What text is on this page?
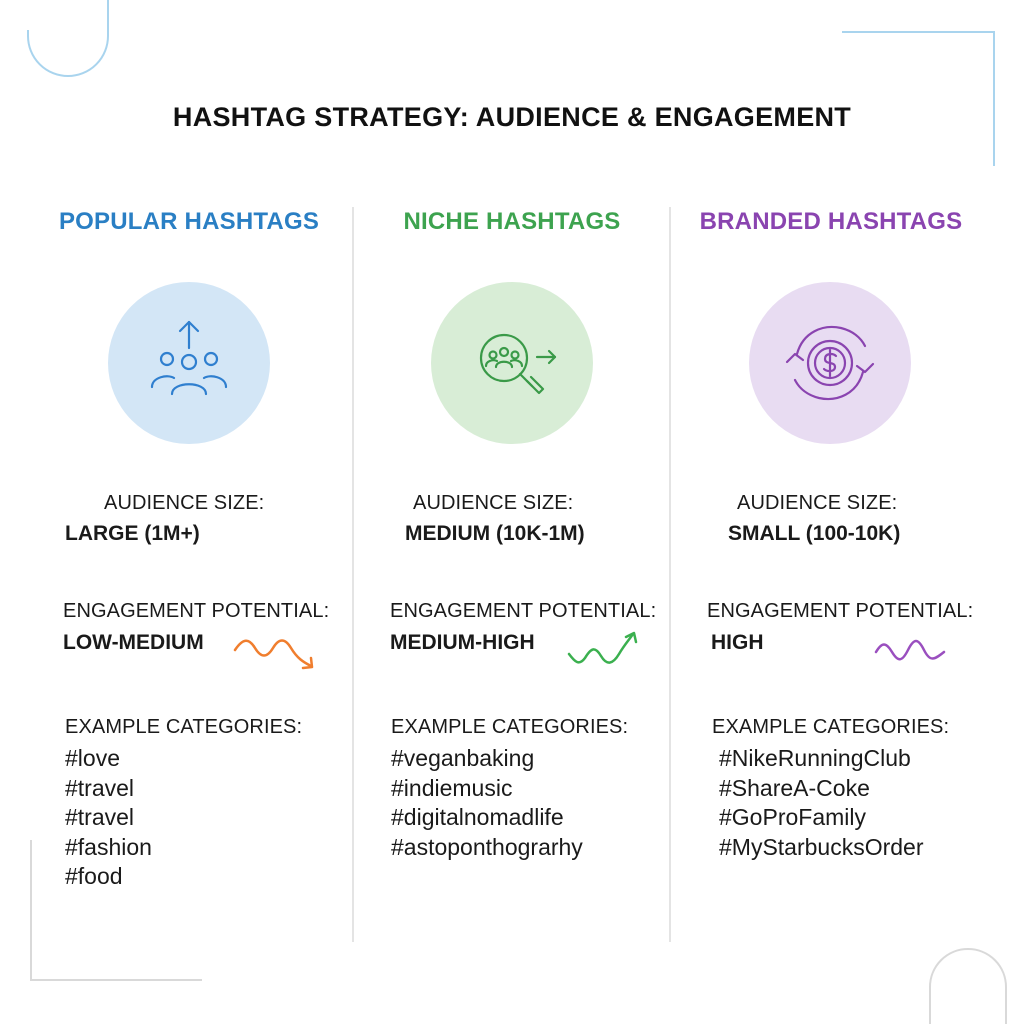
HASHTAG STRATEGY: AUDIENCE & ENGAGEMENT
POPULAR HASHTAGS
AUDIENCE SIZE:
LARGE (1M+)
ENGAGEMENT POTENTIAL:
LOW-MEDIUM
EXAMPLE CATEGORIES:
#love
#travel
#travel
#fashion
#food
NICHE HASHTAGS
AUDIENCE SIZE:
MEDIUM (10K-1M)
ENGAGEMENT POTENTIAL:
MEDIUM-HIGH
EXAMPLE CATEGORIES:
#veganbaking
#indiemusic
#digitalnomadlife
#astoponthograrhy
BRANDED HASHTAGS
AUDIENCE SIZE:
SMALL (100-10K)
ENGAGEMENT POTENTIAL:
HIGH
EXAMPLE CATEGORIES:
#NikeRunningClub
#ShareA-Coke
#GoProFamily
#MyStarbucksOrder
